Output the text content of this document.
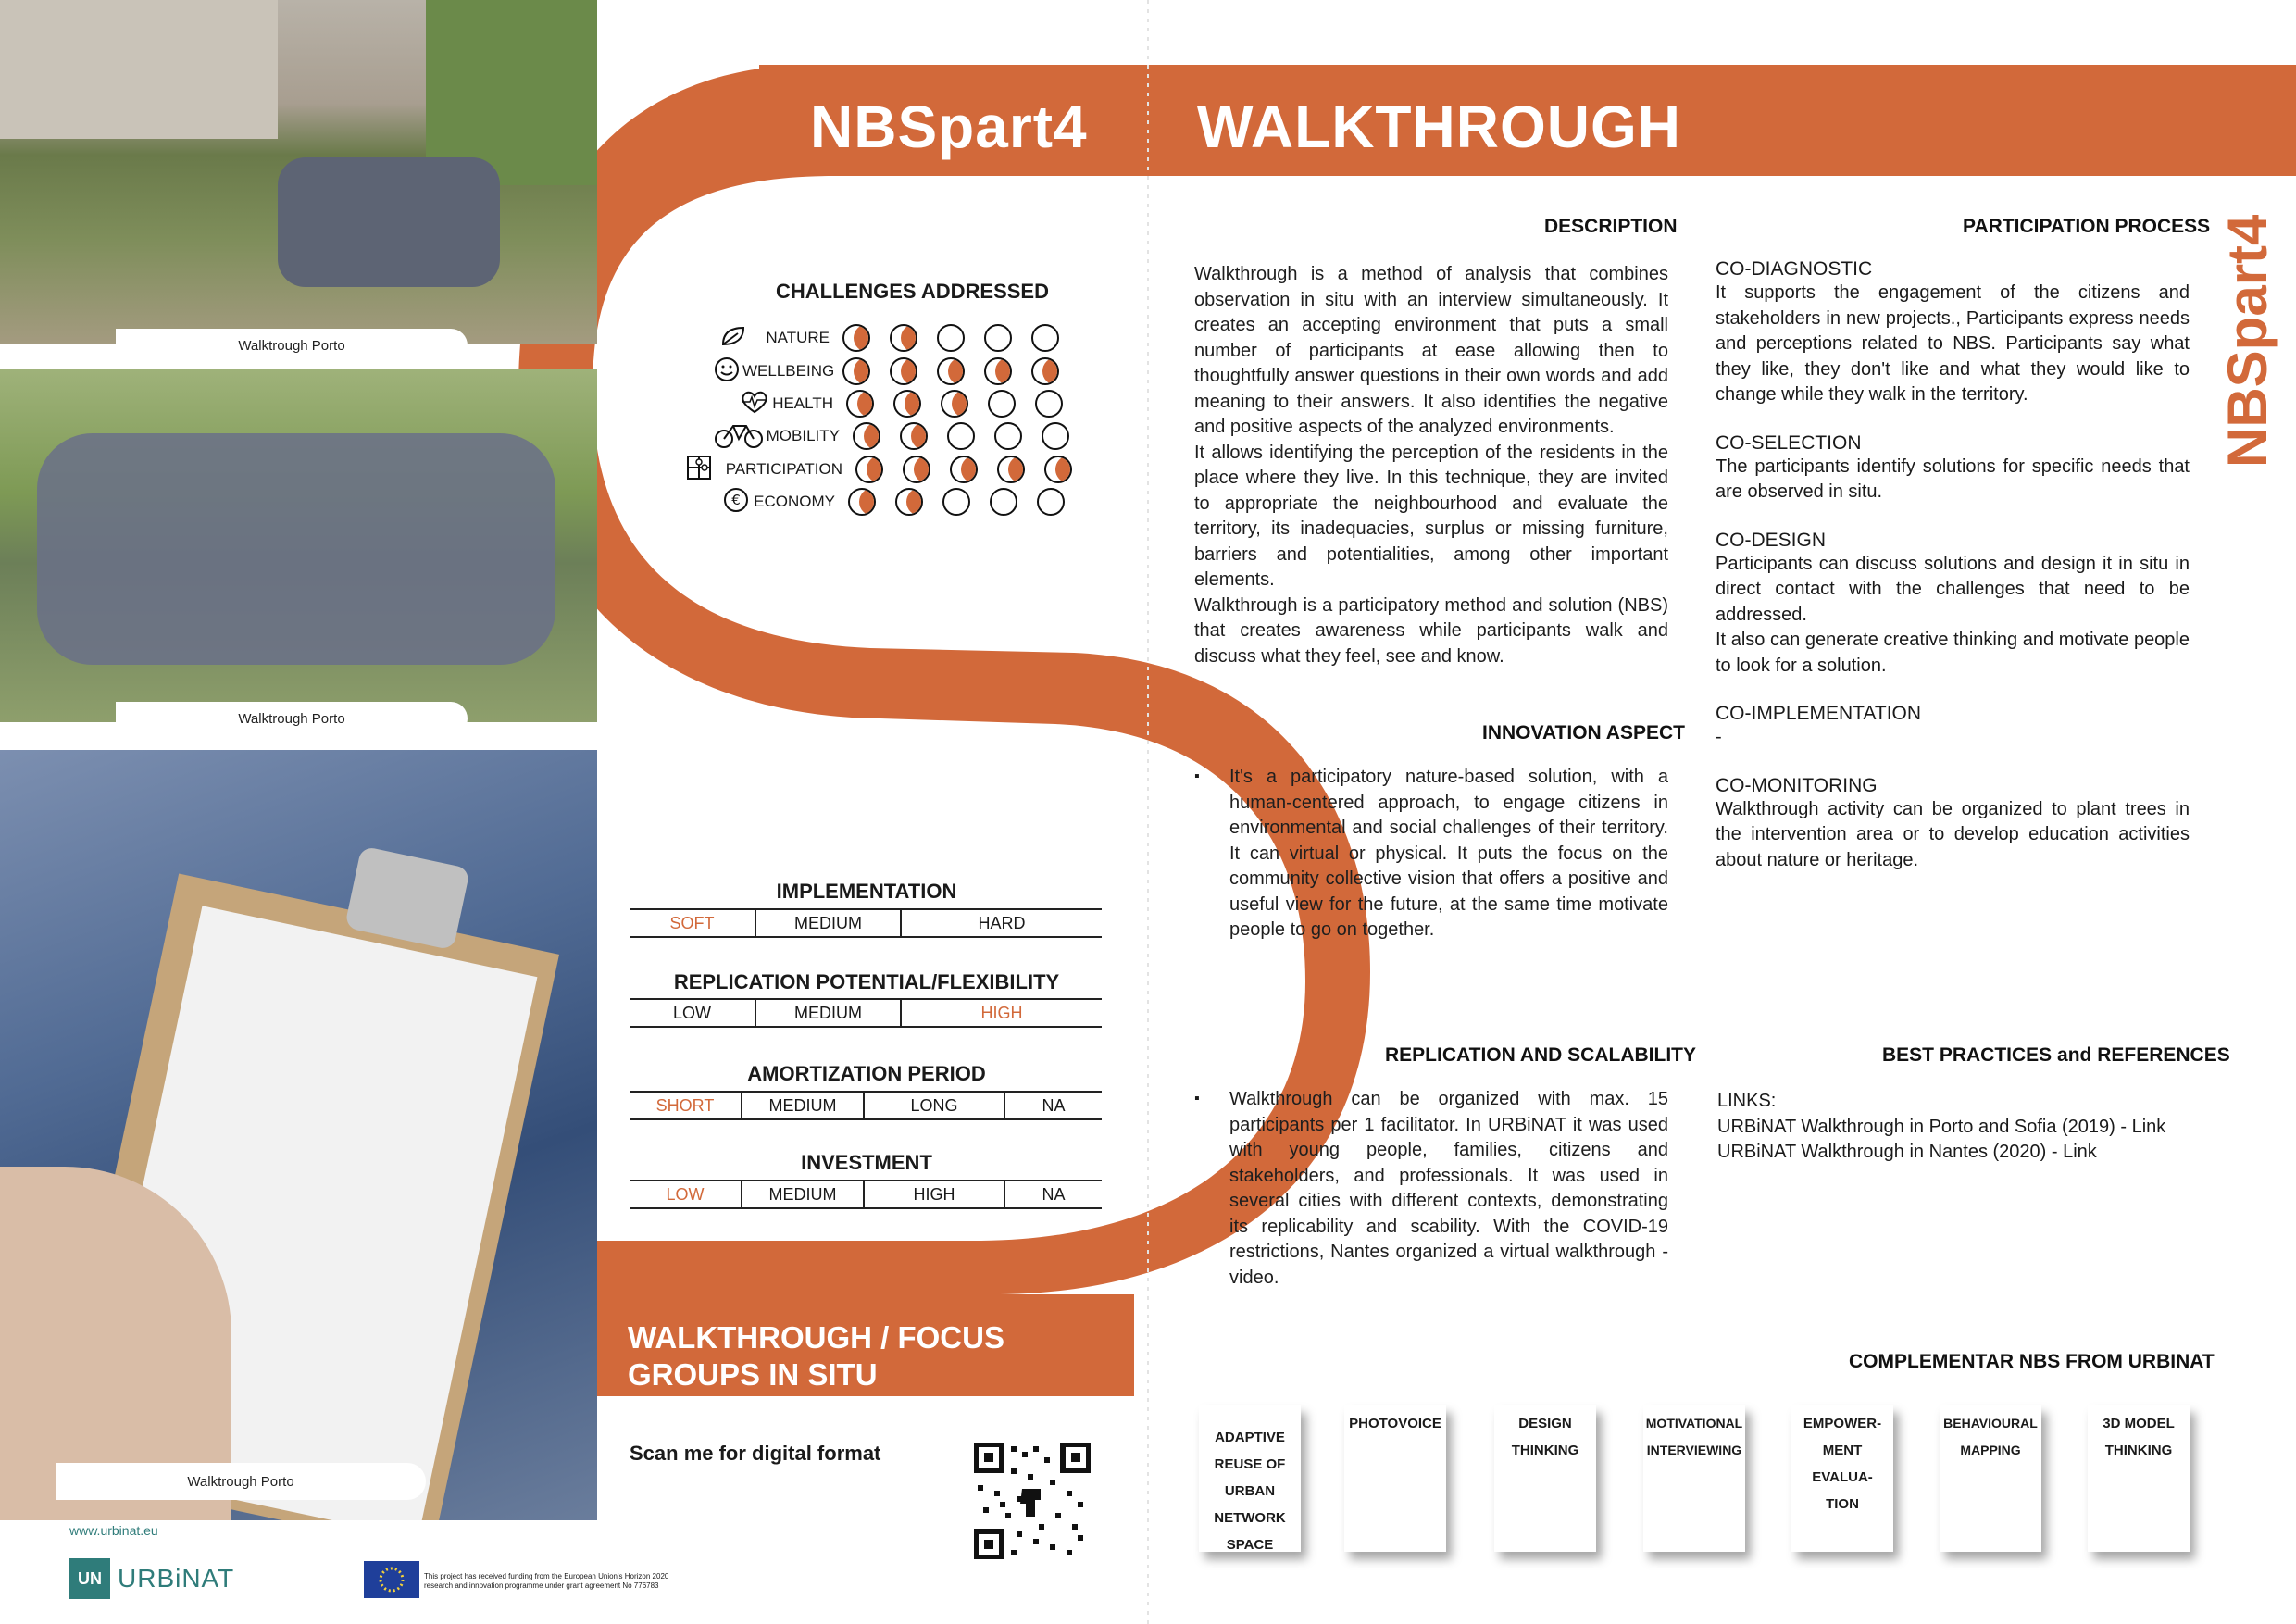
Walktrough Porto
Walktrough Porto
Walktrough Porto
www.urbinat.eu
UN URBiNAT	This project has received funding from the European Union's Horizon 2020 research and innovation programme under grant agreement No 776783
NBSpart4 WALKTHROUGH
NBSpart4
CHALLENGES ADDRESSED
NATURE
WELLBEING
HEALTH
MOBILITY
PARTICIPATION
€ ECONOMY
IMPLEMENTATION
SOFT	MEDIUM	HARD
REPLICATION POTENTIAL/FLEXIBILITY
LOW	MEDIUM	HIGH
AMORTIZATION PERIOD
SHORT	MEDIUM	LONG	NA
INVESTMENT
LOW	MEDIUM	HIGH	NA
WALKTHROUGH / FOCUS
GROUPS IN SITU
Scan me for digital format
DESCRIPTION
Walkthrough is a method of analysis that combines observation in situ with an interview simultaneously. It creates an accepting environment that puts a small number of participants at ease allowing then to thoughtfully answer questions in their own words and add meaning to their answers. It also identifies the negative and positive aspects of the analyzed environments.
It allows identifying the perception of the residents in the place where they live. In this technique, they are invited to appropriate the neighbourhood and evaluate the territory, its inadequacies, surplus or missing furniture, barriers and potentialities, among other important elements.
Walkthrough is a participatory method and solution (NBS) that creates awareness while participants walk and discuss what they feel, see and know.
INNOVATION ASPECT
▪ It's a participatory nature-based solution, with a human-centered approach, to engage citizens in environmental and social challenges of their territory. It can virtual or physical. It puts the focus on the community collective vision that offers a positive and useful view for the future, at the same time motivate people to go on together.
REPLICATION AND SCALABILITY
▪ Walkthrough can be organized with max. 15 participants per 1 facilitator. In URBiNAT it was used with young people, families, citizens and stakeholders, and professionals. It was used in several cities with different contexts, demonstrating its replicability and scability. With the COVID-19 restrictions, Nantes organized a virtual walkthrough - video.
PARTICIPATION PROCESS
CO-DIAGNOSTIC
It supports the engagement of the citizens and stakeholders in new projects., Participants express needs and perceptions related to NBS. Participants say what they like, they don't like and what they would like to change while they walk in the territory.
CO-SELECTION
The participants identify solutions for specific needs that are observed in situ.
CO-DESIGN
Participants can discuss solutions and design it in situ in direct contact with the challenges that need to be addressed.
It also can generate creative thinking and motivate people to look for a solution.
CO-IMPLEMENTATION
-
CO-MONITORING
Walkthrough activity can be organized to plant trees in the intervention area or to develop education activities about nature or heritage.
BEST PRACTICES and REFERENCES
LINKS:
URBiNAT Walkthrough in Porto and Sofia (2019) - Link
URBiNAT Walkthrough in Nantes (2020) - Link
COMPLEMENTAR NBS FROM URBINAT
ADAPTIVE
REUSE OF
URBAN
NETWORK
SPACE
PHOTOVOICE	DESIGN
THINKING
MOTIVATIONAL
INTERVIEWING
EMPOWER-
MENT EVALUA-
TION
BEHAVIOURAL
MAPPING
3D MODEL
THINKING
